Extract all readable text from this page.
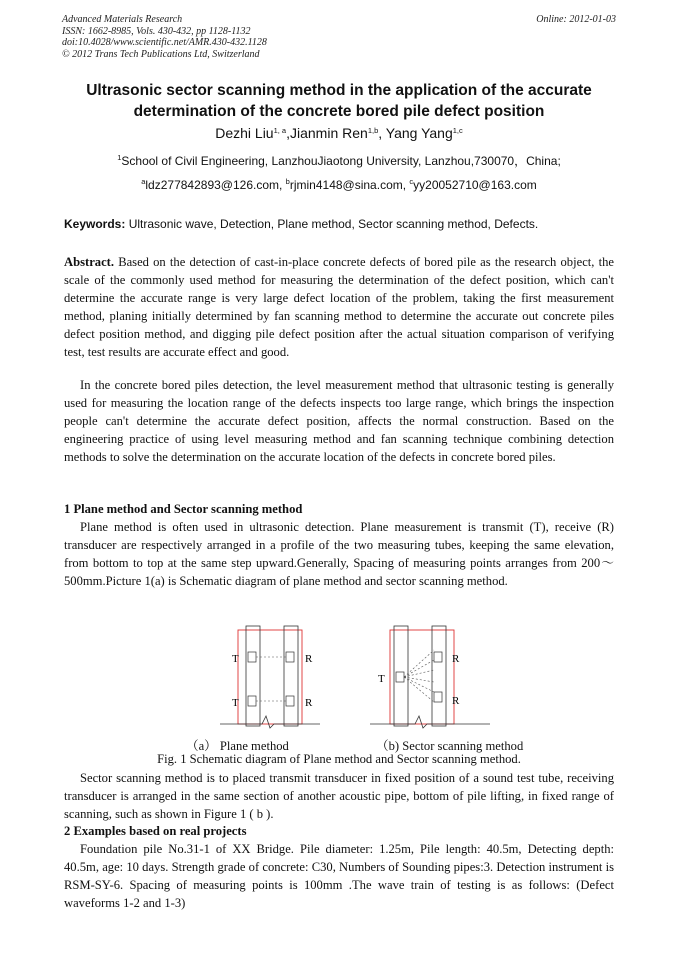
Advanced Materials Research
ISSN: 1662-8985, Vols. 430-432, pp 1128-1132
doi:10.4028/www.scientific.net/AMR.430-432.1128
© 2012 Trans Tech Publications Ltd, Switzerland
Online: 2012-01-03
Ultrasonic sector scanning method in the application of the accurate
determination of the concrete bored pile defect position
Dezhi Liu$^{1, a}$,Jianmin Ren$^{1,b}$, Yang Yang$^{1,c}$
$^1$School of Civil Engineering, LanzhouJiaotong University, Lanzhou,730070，China;
$^a$ldz277842893@126.com, $^b$rjmin4148@sina.com, $^c$yy20052710@163.com
Keywords: Ultrasonic wave, Detection, Plane method, Sector scanning method, Defects.
Abstract. Based on the detection of cast-in-place concrete defects of bored pile as the research object, the scale of the commonly used method for measuring the determination of the defect position, which can't determine the accurate range is very large defect location of the problem, taking the first measurement method, planing initially determined by fan scanning method to determine the accurate out concrete piles defect position method, and digging pile defect position after the actual situation comparison of verifying test, test results are accurate effect and good.
In the concrete bored piles detection, the level measurement method that ultrasonic testing is generally used for measuring the location range of the defects inspects too large range, which brings the inspection people can't determine the accurate defect position, affects the normal construction. Based on the engineering practice of using level measuring method and fan scanning technique combining detection methods to solve the determination on the accurate location of the defects in concrete bored piles.
1 Plane method and Sector scanning method
Plane method is often used in ultrasonic detection. Plane measurement is transmit (T), receive (R) transducer are respectively arranged in a profile of the two measuring tubes, keeping the same elevation, from bottom to top at the same step upward.Generally, Spacing of measuring points arranges from 200～500mm.Picture 1(a) is Schematic diagram of plane method and sector scanning method.
T	R
T	R
T
R
R
（a） Plane method	（b) Sector scanning method
Fig. 1 Schematic diagram of Plane method and Sector scanning method.
Sector scanning method is to placed transmit transducer in fixed position of a sound test tube, receiving transducer is arranged in the same section of another acoustic pipe, bottom of pile lifting, in fixed range of scanning, such as shown in Figure 1 ( b ).
2 Examples based on real projects
Foundation pile No.31-1 of XX Bridge. Pile diameter: 1.25m, Pile length: 40.5m, Detecting depth: 40.5m, age: 10 days. Strength grade of concrete: C30, Numbers of Sounding pipes:3. Detection instrument is RSM-SY-6. Spacing of measuring points is 100mm .The wave train of testing is as follows: (Defect waveforms 1-2 and 1-3)
